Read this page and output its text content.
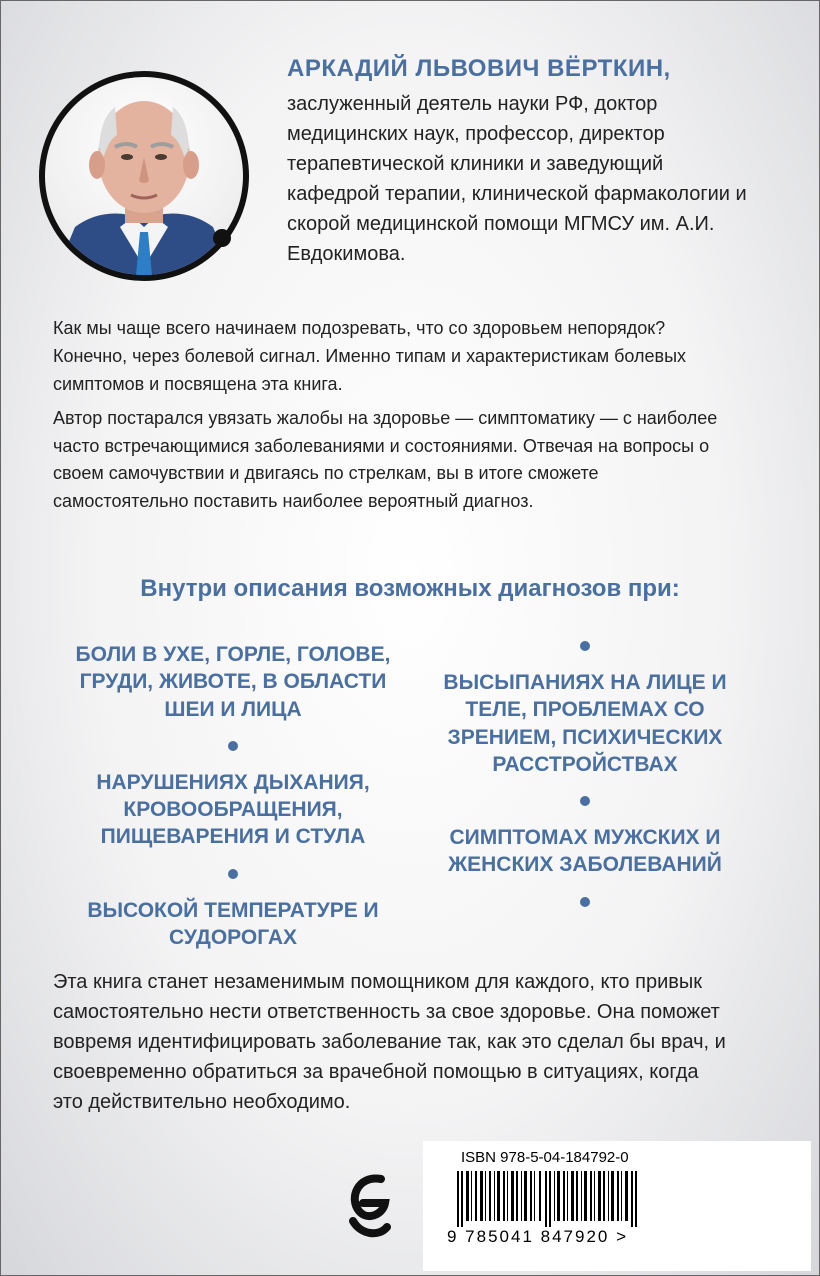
АРКАДИЙ ЛЬВОВИЧ ВЁРТКИН,

заслуженный деятель науки РФ, доктор медицинских наук, профессор, директор терапевтической клиники и заведующий кафедрой терапии, клинической фармакологии и скорой медицинской помощи МГМСУ им. А.И. Евдокимова.

Как мы чаще всего начинаем подозревать, что со здоровьем непорядок? Конечно, через болевой сигнал. Именно типам и характеристикам болевых симптомов и посвящена эта книга.

Автор постарался увязать жалобы на здоровье — симптоматику — с наиболее часто встречающимися заболеваниями и состояниями. Отвечая на вопросы о своем самочувствии и двигаясь по стрелкам, вы в итоге сможете самостоятельно поставить наиболее вероятный диагноз.

Внутри описания возможных диагнозов при:

БОЛИ В УХЕ, ГОРЛЕ, ГОЛОВЕ, ГРУДИ, ЖИВОТЕ, В ОБЛАСТИ ШЕИ И ЛИЦА

НАРУШЕНИЯХ ДЫХАНИЯ, КРОВООБРАЩЕНИЯ, ПИЩЕВАРЕНИЯ И СТУЛА

ВЫСОКОЙ ТЕМПЕРАТУРЕ И СУДОРОГАХ

ВЫСЫПАНИЯХ НА ЛИЦЕ И ТЕЛЕ, ПРОБЛЕМАХ СО ЗРЕНИЕМ, ПСИХИЧЕСКИХ РАССТРОЙСТВАХ

СИМПТОМАХ МУЖСКИХ И ЖЕНСКИХ ЗАБОЛЕВАНИЙ

Эта книга станет незаменимым помощником для каждого, кто привык самостоятельно нести ответственность за свое здоровье. Она поможет вовремя идентифицировать заболевание так, как это сделал бы врач, и своевременно обратиться за врачебной помощью в ситуациях, когда это действительно необходимо.

ISBN 978-5-04-184792-0
9 785041 847920 >
